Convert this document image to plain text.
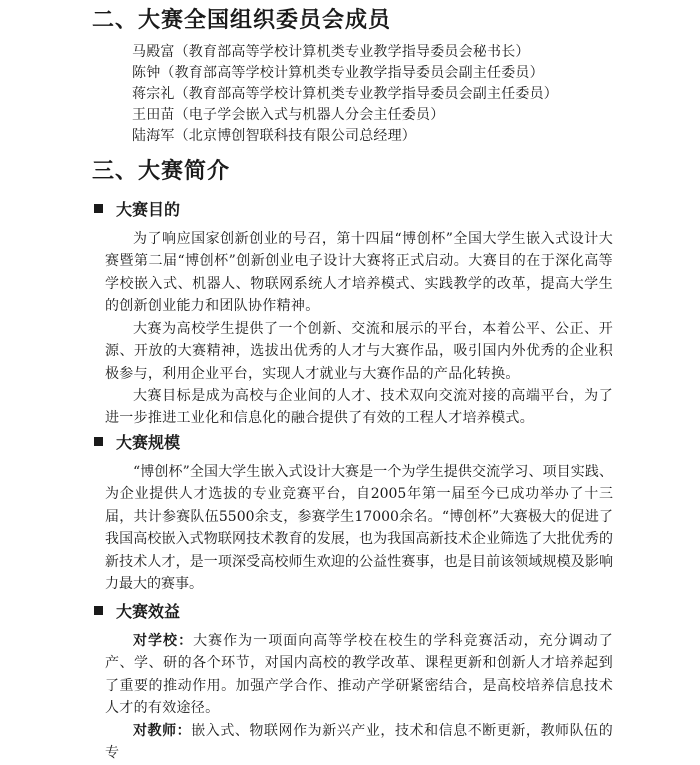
二、大赛全国组织委员会成员
马殿富（教育部高等学校计算机类专业教学指导委员会秘书长）
陈钟（教育部高等学校计算机类专业教学指导委员会副主任委员）
蒋宗礼（教育部高等学校计算机类专业教学指导委员会副主任委员）
王田苗（电子学会嵌入式与机器人分会主任委员）
陆海军（北京博创智联科技有限公司总经理）
三、大赛简介
大赛目的

为了响应国家创新创业的号召，第十四届“博创杯”全国大学生嵌入式设计大赛暨第二届“博创杯”创新创业电子设计大赛将正式启动。大赛目的在于深化高等学校嵌入式、机器人、物联网系统人才培养模式、实践教学的改革，提高大学生的创新创业能力和团队协作精神。

大赛为高校学生提供了一个创新、交流和展示的平台，本着公平、公正、开源、开放的大赛精神，选拔出优秀的人才与大赛作品，吸引国内外优秀的企业积极参与，利用企业平台，实现人才就业与大赛作品的产品化转换。

大赛目标是成为高校与企业间的人才、技术双向交流对接的高端平台，为了进一步推进工业化和信息化的融合提供了有效的工程人才培养模式。

大赛规模

“博创杯”全国大学生嵌入式设计大赛是一个为学生提供交流学习、项目实践、为企业提供人才选拔的专业竞赛平台，自2005年第一届至今已成功举办了十三届，共计参赛队伍5500余支，参赛学生17000余名。“博创杯”大赛极大的促进了我国高校嵌入式物联网技术教育的发展，也为我国高新技术企业筛选了大批优秀的新技术人才，是一项深受高校师生欢迎的公益性赛事，也是目前该领域规模及影响力最大的赛事。

大赛效益

对学校：大赛作为一项面向高等学校在校生的学科竞赛活动，充分调动了产、学、研的各个环节，对国内高校的教学改革、课程更新和创新人才培养起到了重要的推动作用。加强产学合作、推动产学研紧密结合，是高校培养信息技术人才的有效途径。

对教师：嵌入式、物联网作为新兴产业，技术和信息不断更新，教师队伍的专
